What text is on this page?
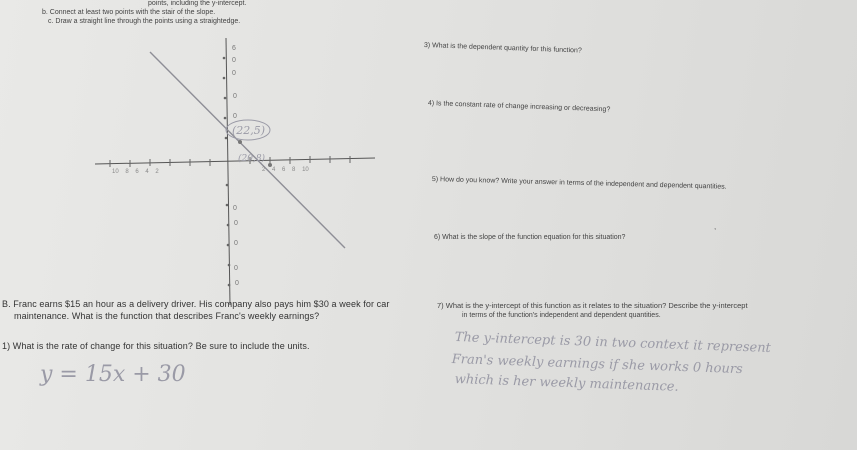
points, including the y-intercept.
b. Connect at least two points with the stair of the slope.
c. Draw a straight line through the points using a straightedge.
6
0
0
0
0
0
0
0
0
0
(22,5)
(20,8)
10 8 6 4 2	2 4 6 8 10
3) What is the dependent quantity for this function?
4) Is the constant rate of change increasing or decreasing?
5) How do you know? Write your answer in terms of the independent and dependent quantities.
6) What is the slope of the function equation for this situation?
7) What is the y-intercept of this function as it relates to the situation? Describe the y-intercept
in terms of the function's independent and dependent quantities.
B. Franc earns $15 an hour as a delivery driver. His company also pays him $30 a week for car
maintenance. What is the function that describes Franc's weekly earnings?
1) What is the rate of change for this situation? Be sure to include the units.
y = 15x + 30
The y-intercept is 30 in two context it represent
Fran's weekly earnings if she works 0 hours
which is her weekly maintenance.
,
